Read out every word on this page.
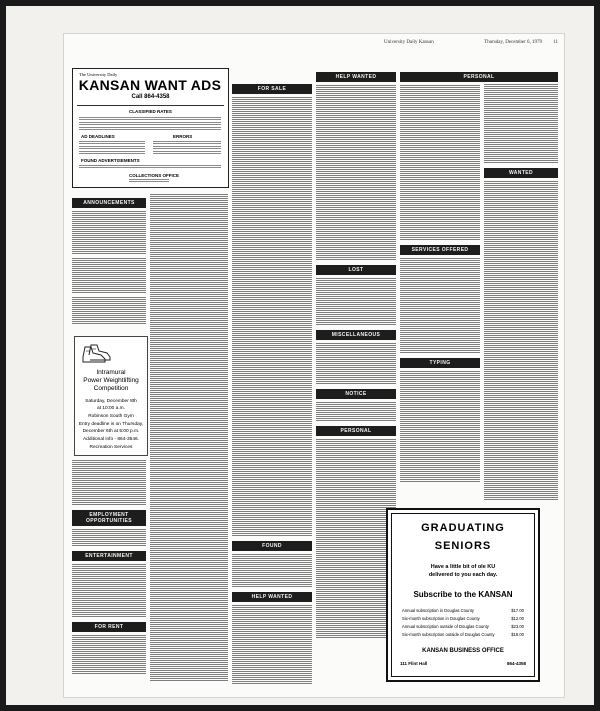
University Daily Kansan	Thursday, December 6, 1979 11
The University Daily
KANSAN WANT ADS
Call 864-4358
CLASSIFIED RATES
AD DEADLINES	ERRORS
FOUND ADVERTISEMENTS
COLLECTIONS OFFICE
ANNOUNCEMENTS
Intramural
Power Weightlifting
Competition
Saturday, December 8th
at 10:00 a.m.
Robinson South Gym
Entry deadline is on Thursday,
December 6th at 5:00 p.m.
Additional info - 864-3546.
Recreation Services
EMPLOYMENT OPPORTUNITIES
ENTERTAINMENT
FOR RENT
FOR SALE
FOUND
HELP WANTED
HELP WANTED
LOST
MISCELLANEOUS
NOTICE
PERSONAL
PERSONAL
SERVICES OFFERED
TYPING
WANTED
GRADUATING
SENIORS
Have a little bit of ole KU
delivered to you each day.
Subscribe to the KANSAN
Annual subscription in Douglas County	$17.00
Six-month subscription in Douglas County	$12.00
Annual subscription outside of Douglas County	$23.00
Six-month subscription outside of Douglas County	$18.00
KANSAN BUSINESS OFFICE
111 Flint Hall	864-4358
